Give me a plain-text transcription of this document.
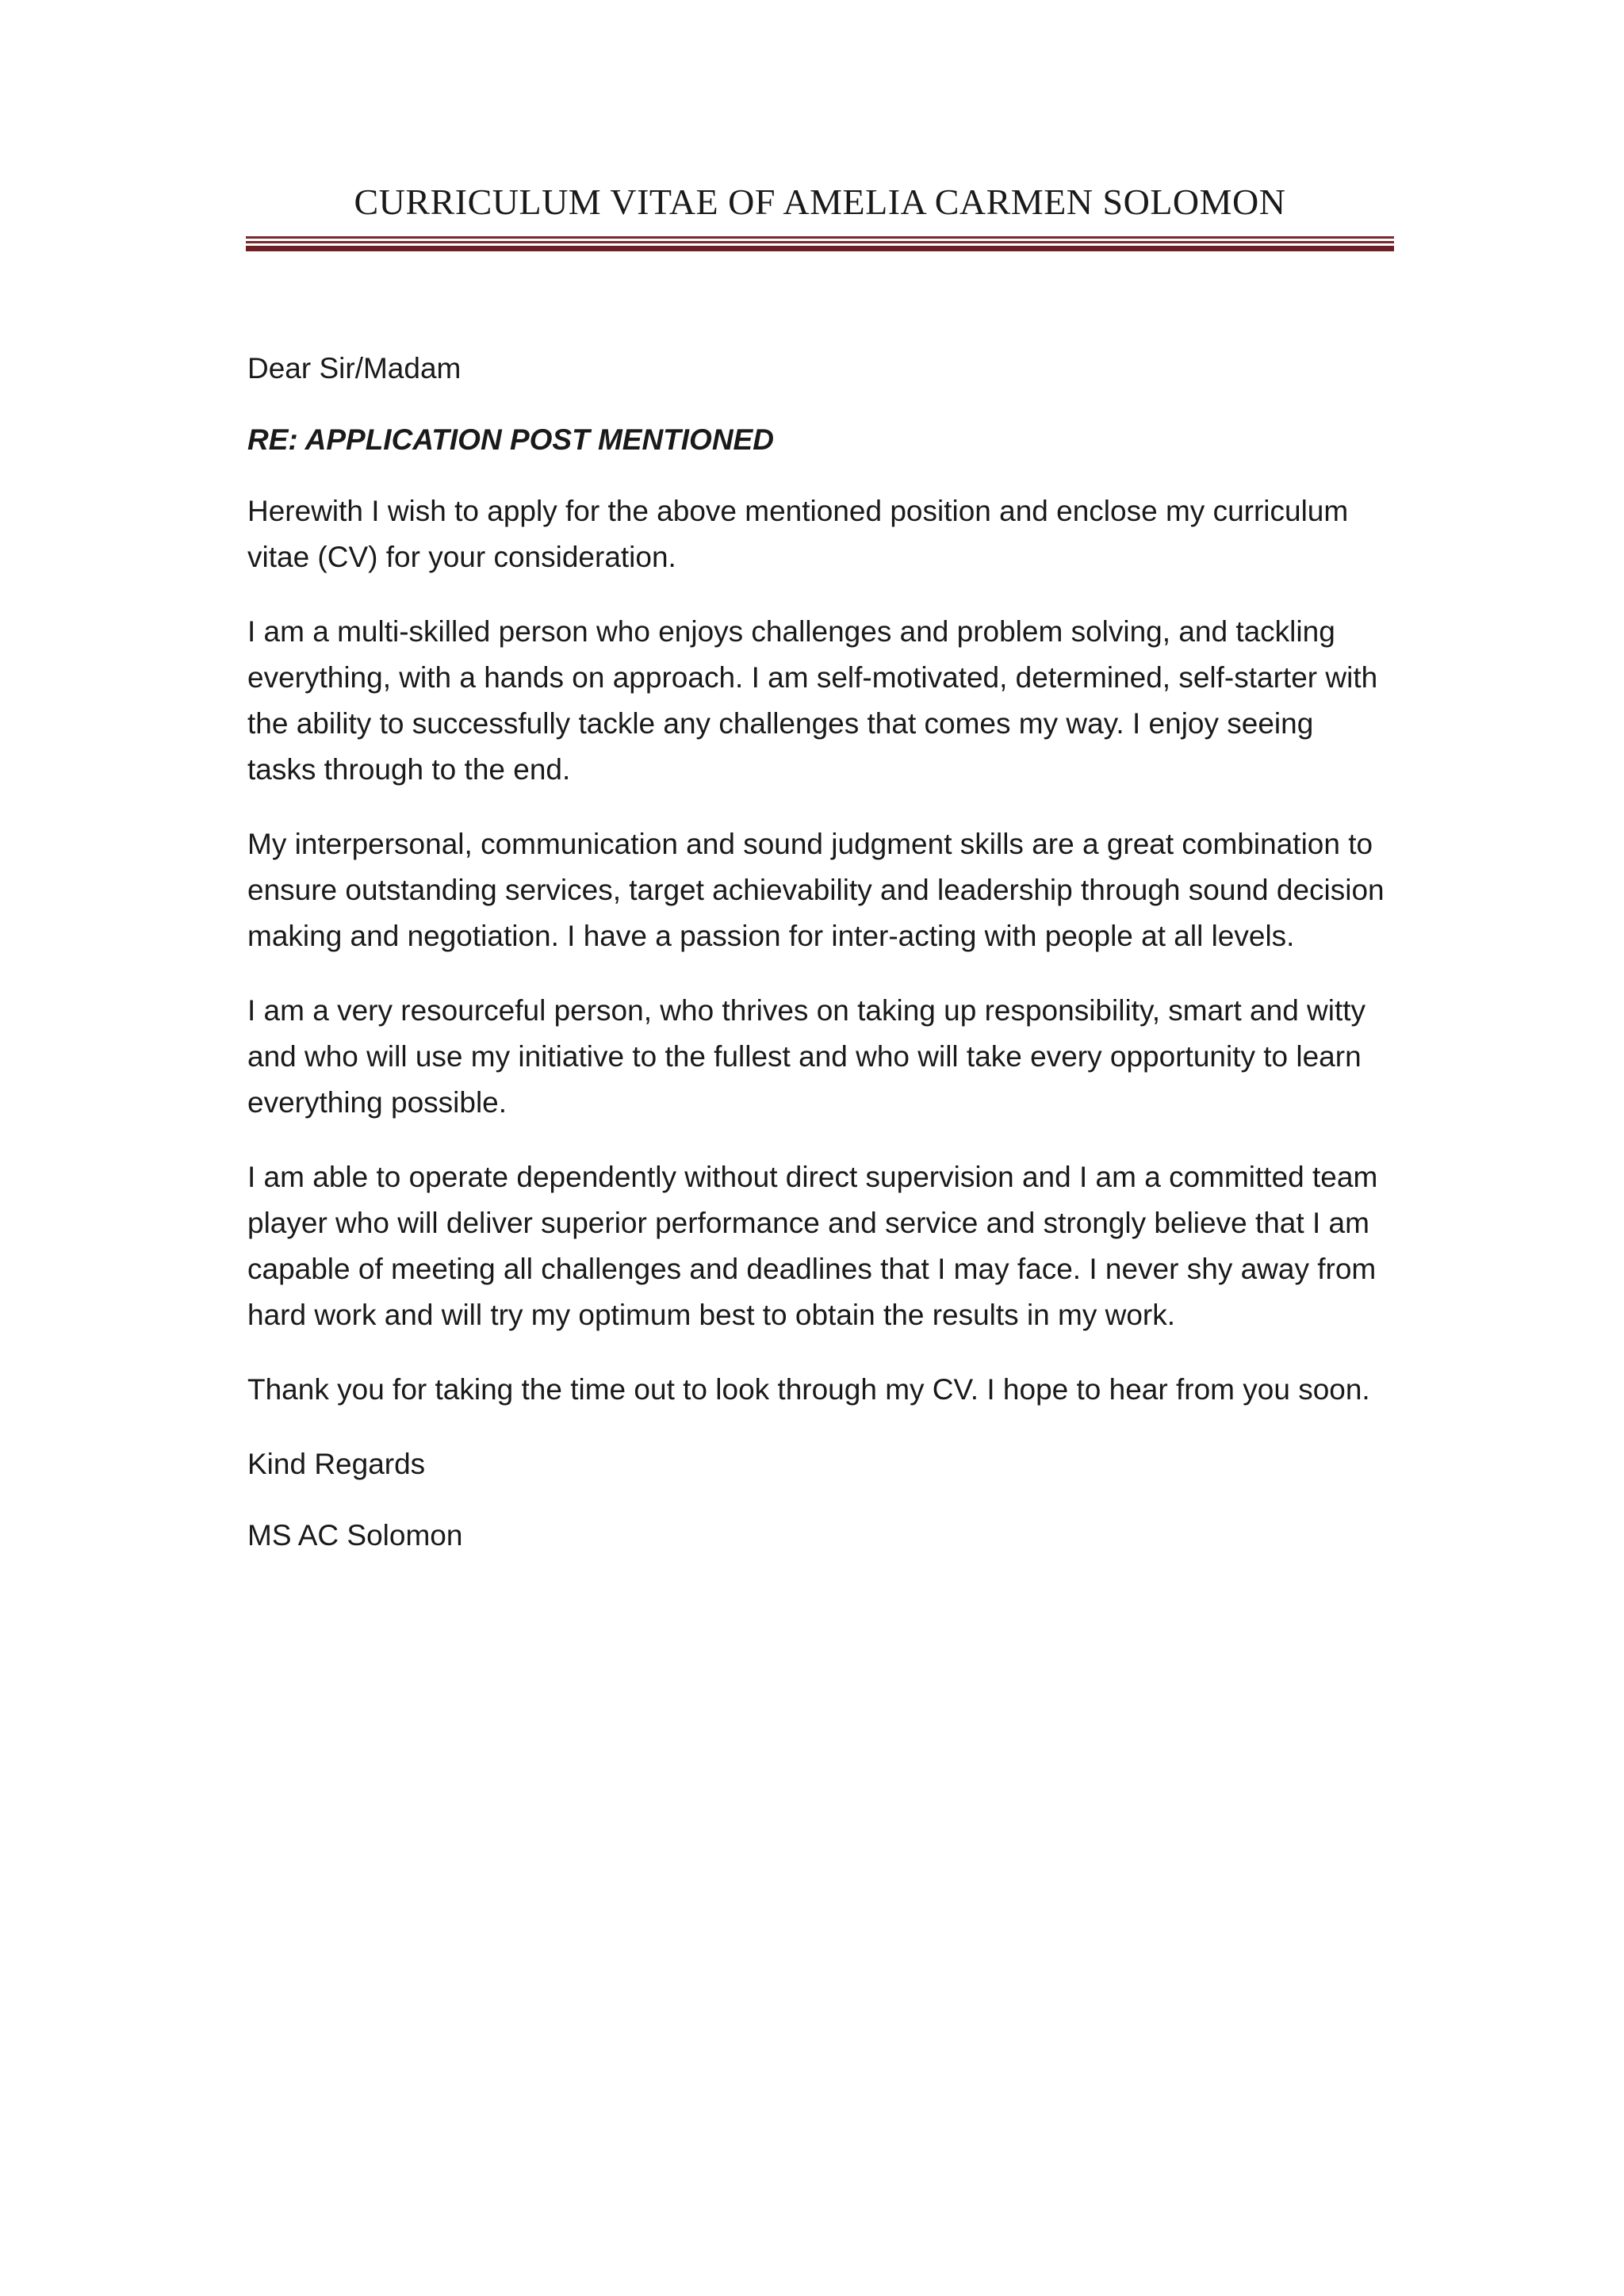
CURRICULUM VITAE OF AMELIA CARMEN SOLOMON

Dear Sir/Madam

RE: APPLICATION POST MENTIONED

Herewith I wish to apply for the above mentioned position and enclose my curriculum vitae (CV) for your consideration.

I am a multi-skilled person who enjoys challenges and problem solving, and tackling everything, with a hands on approach. I am self-motivated, determined, self-starter with the ability to successfully tackle any challenges that comes my way. I enjoy seeing tasks through to the end.

My interpersonal, communication and sound judgment skills are a great combination to ensure outstanding services, target achievability and leadership through sound decision making and negotiation. I have a passion for inter-acting with people at all levels.

I am a very resourceful person, who thrives on taking up responsibility, smart and witty and who will use my initiative to the fullest and who will take every opportunity to learn everything possible.

I am able to operate dependently without direct supervision and I am a committed team player who will deliver superior performance and service and strongly believe that I am capable of meeting all challenges and deadlines that I may face. I never shy away from hard work and will try my optimum best to obtain the results in my work.

Thank you for taking the time out to look through my CV. I hope to hear from you soon.

Kind Regards

MS AC Solomon
